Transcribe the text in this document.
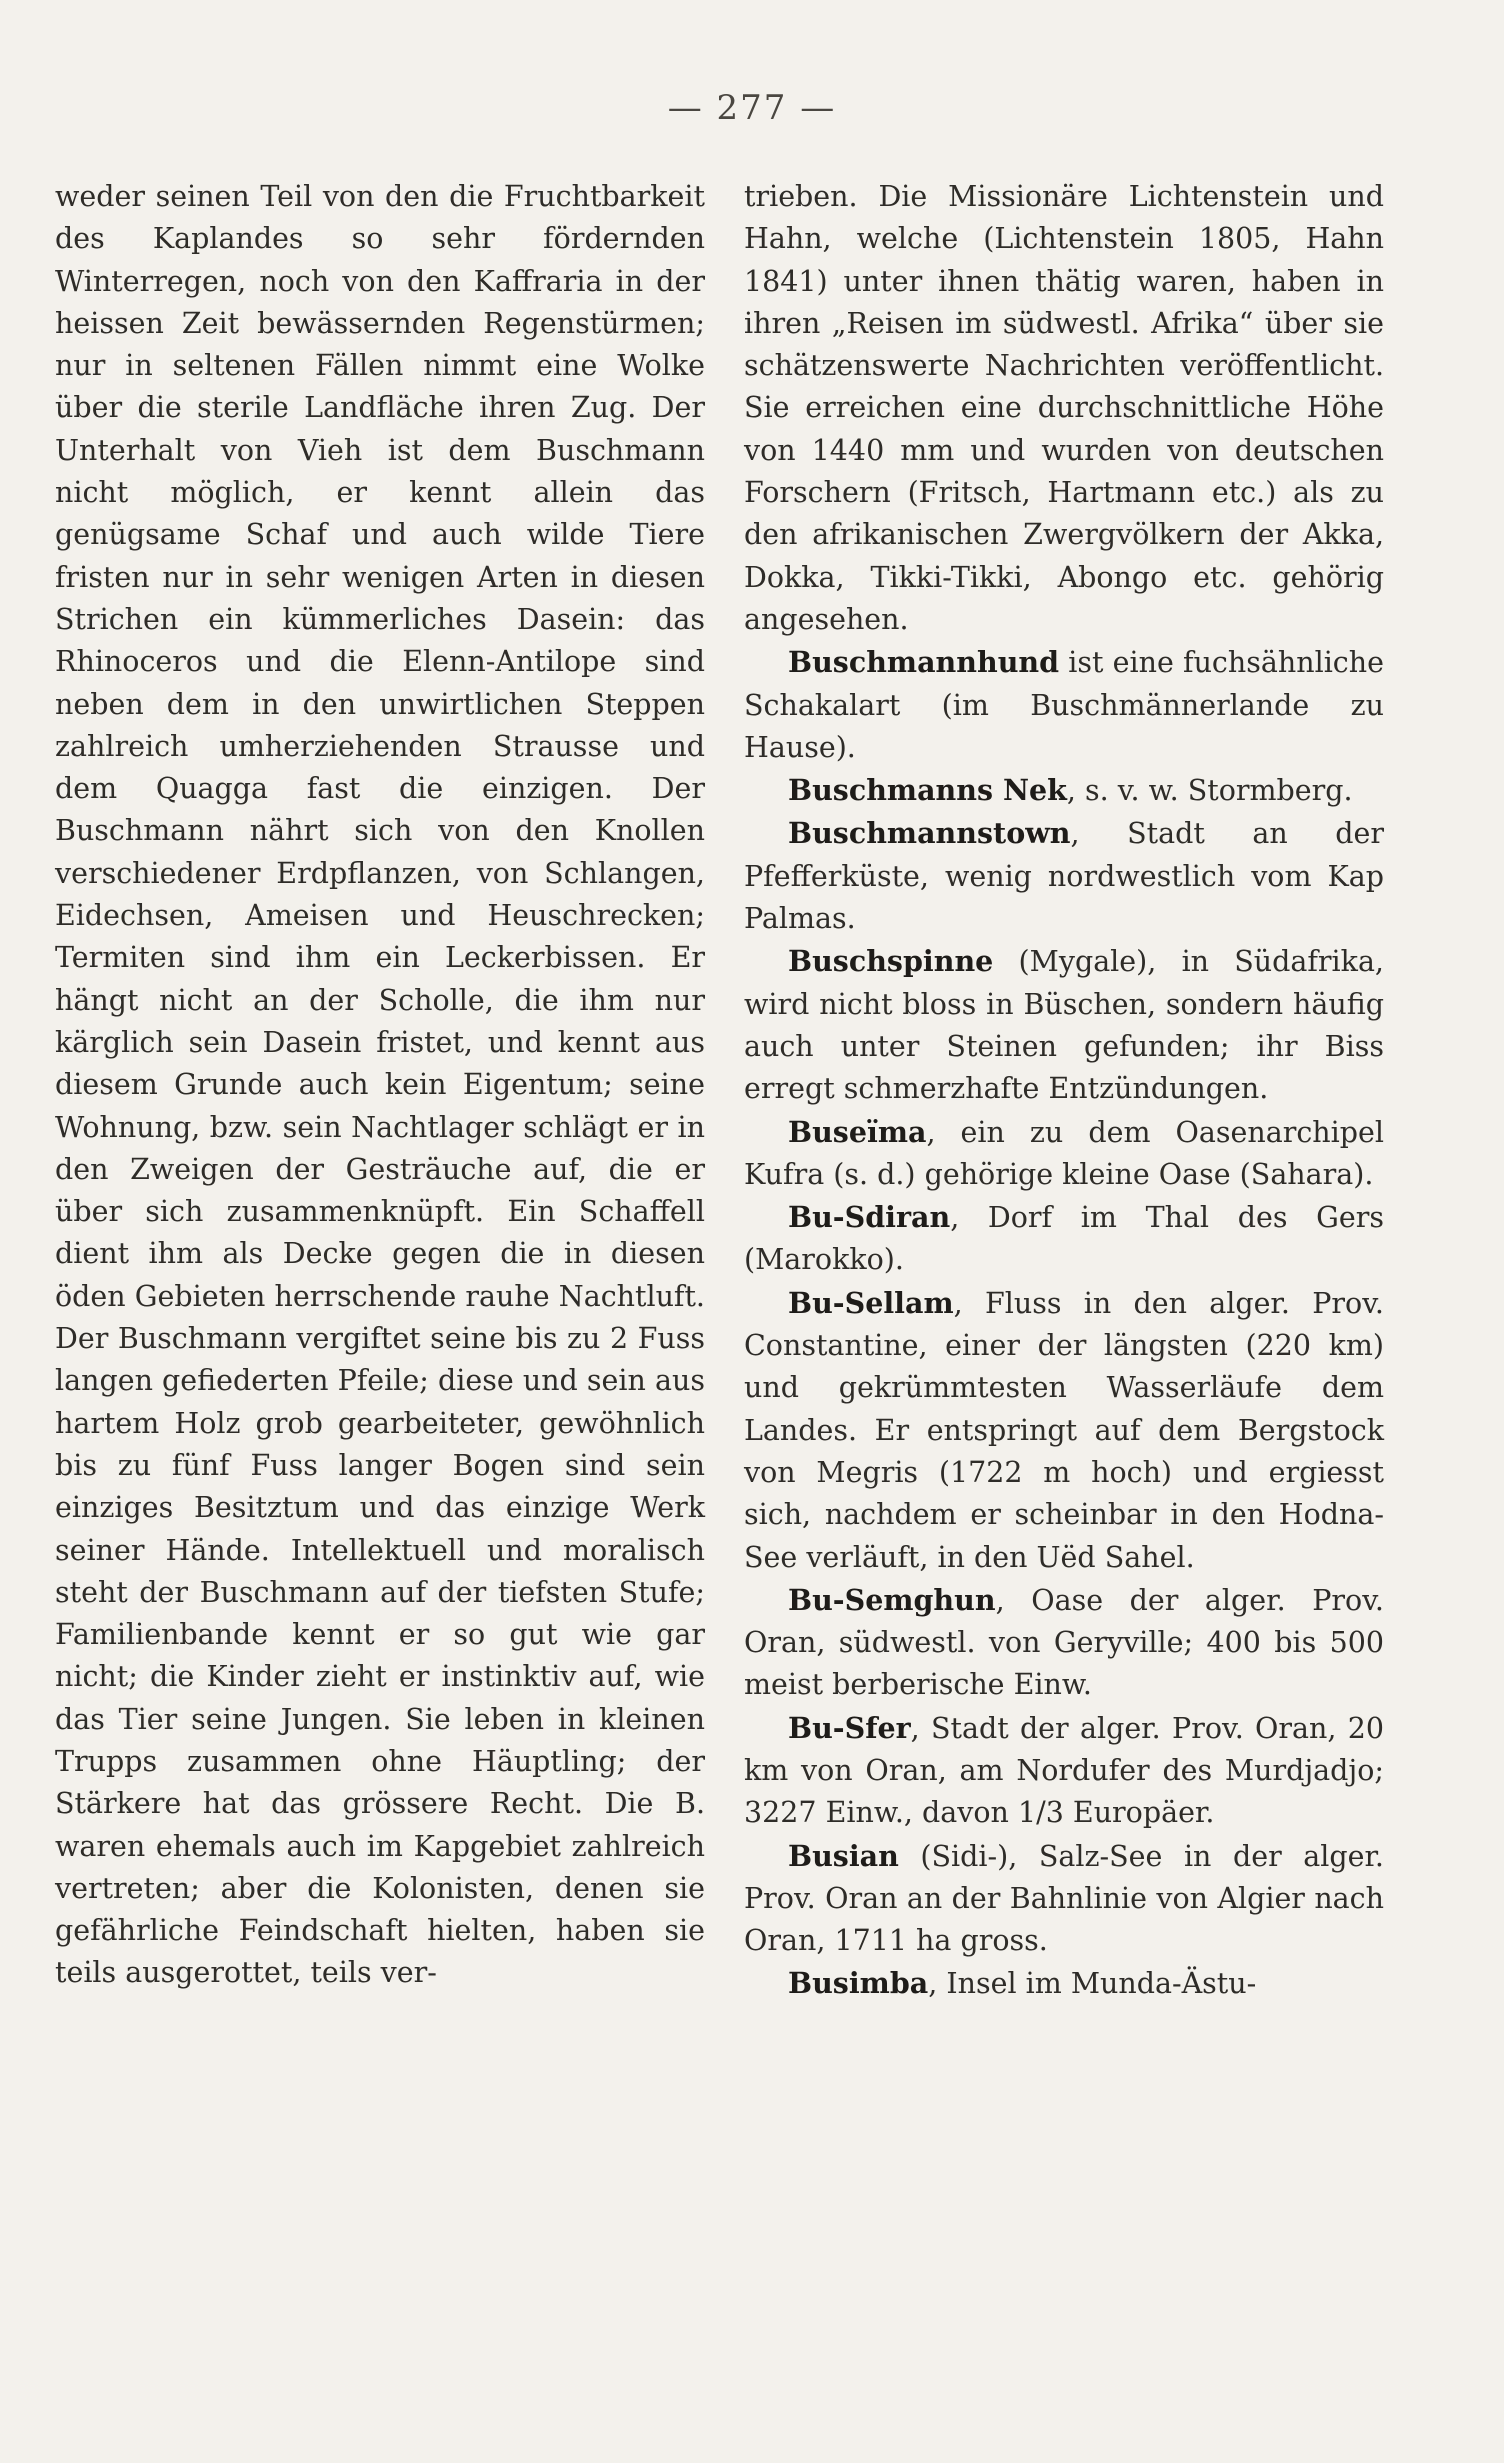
— 277 —

weder seinen Teil von den die Fruchtbarkeit des Kaplandes so sehr fördernden Winterregen, noch von den Kaffraria in der heissen Zeit bewässernden Regenstürmen; nur in seltenen Fällen nimmt eine Wolke über die sterile Landfläche ihren Zug. Der Unterhalt von Vieh ist dem Buschmann nicht möglich, er kennt allein das genügsame Schaf und auch wilde Tiere fristen nur in sehr wenigen Arten in diesen Strichen ein kümmerliches Dasein: das Rhinoceros und die Elenn-Antilope sind neben dem in den unwirtlichen Steppen zahlreich umherziehenden Strausse und dem Quagga fast die einzigen. Der Buschmann nährt sich von den Knollen verschiedener Erdpflanzen, von Schlangen, Eidechsen, Ameisen und Heuschrecken; Termiten sind ihm ein Leckerbissen. Er hängt nicht an der Scholle, die ihm nur kärglich sein Dasein fristet, und kennt aus diesem Grunde auch kein Eigentum; seine Wohnung, bzw. sein Nachtlager schlägt er in den Zweigen der Gesträuche auf, die er über sich zusammenknüpft. Ein Schaffell dient ihm als Decke gegen die in diesen öden Gebieten herrschende rauhe Nachtluft. Der Buschmann vergiftet seine bis zu 2 Fuss langen gefiederten Pfeile; diese und sein aus hartem Holz grob gearbeiteter, gewöhnlich bis zu fünf Fuss langer Bogen sind sein einziges Besitztum und das einzige Werk seiner Hände. Intellektuell und moralisch steht der Buschmann auf der tiefsten Stufe; Familienbande kennt er so gut wie gar nicht; die Kinder zieht er instinktiv auf, wie das Tier seine Jungen. Sie leben in kleinen Trupps zusammen ohne Häuptling; der Stärkere hat das grössere Recht. Die B. waren ehemals auch im Kapgebiet zahlreich vertreten; aber die Kolonisten, denen sie gefährliche Feindschaft hielten, haben sie teils ausgerottet, teils ver-

trieben. Die Missionäre Lichtenstein und Hahn, welche (Lichtenstein 1805, Hahn 1841) unter ihnen thätig waren, haben in ihren „Reisen im südwestl. Afrika“ über sie schätzenswerte Nachrichten veröffentlicht. Sie erreichen eine durchschnittliche Höhe von 1440 mm und wurden von deutschen Forschern (Fritsch, Hartmann etc.) als zu den afrikanischen Zwergvölkern der Akka, Dokka, Tikki-Tikki, Abongo etc. gehörig angesehen.

Buschmannhund ist eine fuchsähnliche Schakalart (im Buschmännerlande zu Hause).

Buschmanns Nek, s. v. w. Stormberg.

Buschmannstown, Stadt an der Pfefferküste, wenig nordwestlich vom Kap Palmas.

Buschspinne (Mygale), in Südafrika, wird nicht bloss in Büschen, sondern häufig auch unter Steinen gefunden; ihr Biss erregt schmerzhafte Entzündungen.

Buseïma, ein zu dem Oasenarchipel Kufra (s. d.) gehörige kleine Oase (Sahara).

Bu-Sdiran, Dorf im Thal des Gers (Marokko).

Bu-Sellam, Fluss in den alger. Prov. Constantine, einer der längsten (220 km) und gekrümmtesten Wasserläufe dem Landes. Er entspringt auf dem Bergstock von Megris (1722 m hoch) und ergiesst sich, nachdem er scheinbar in den Hodna-See verläuft, in den Uëd Sahel.

Bu-Semghun, Oase der alger. Prov. Oran, südwestl. von Geryville; 400 bis 500 meist berberische Einw.

Bu-Sfer, Stadt der alger. Prov. Oran, 20 km von Oran, am Nordufer des Murdjadjo; 3227 Einw., davon 1/3 Europäer.

Busian (Sidi-), Salz-See in der alger. Prov. Oran an der Bahnlinie von Algier nach Oran, 1711 ha gross.

Busimba, Insel im Munda-Ästu-
